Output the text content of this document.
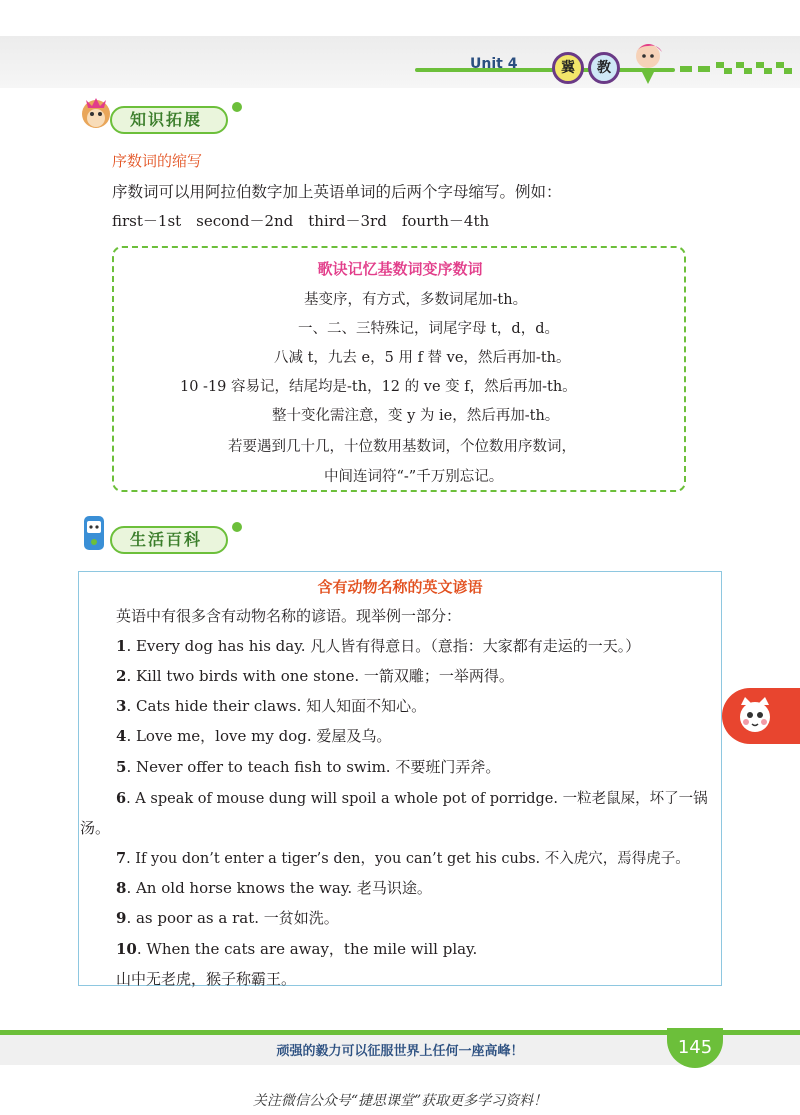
Unit 4	冀	教
知识拓展
序数词的缩写
序数词可以用阿拉伯数字加上英语单词的后两个字母缩写。例如：
first－1st　second－2nd　third－3rd　fourth－4th
歌诀记忆基数词变序数词
基变序，有方式，多数词尾加-th。
一、二、三特殊记，词尾字母 t，d，d。
八减 t，九去 e，5 用 f 替 ve，然后再加-th。
10 -19 容易记，结尾均是-th，12 的 ve 变 f，然后再加-th。
整十变化需注意，变 y 为 ie，然后再加-th。
若要遇到几十几，十位数用基数词，个位数用序数词，
中间连词符“-”千万别忘记。
生活百科
含有动物名称的英文谚语
英语中有很多含有动物名称的谚语。现举例一部分：
1. Every dog has his day. 凡人皆有得意日。（意指：大家都有走运的一天。）
2. Kill two birds with one stone. 一箭双雕；一举两得。
3. Cats hide their claws. 知人知面不知心。
4. Love me，love my dog. 爱屋及乌。
5. Never offer to teach fish to swim. 不要班门弄斧。
6. A speak of mouse dung will spoil a whole pot of porridge. 一粒老鼠屎，坏了一锅
汤。
7. If you don’t enter a tiger’s den，you can’t get his cubs. 不入虎穴，焉得虎子。
8. An old horse knows the way. 老马识途。
9. as poor as a rat. 一贫如洗。
10. When the cats are away，the mile will play.
山中无老虎，猴子称霸王。
顽强的毅力可以征服世界上任何一座高峰！	145
关注微信公众号“捷思课堂”获取更多学习资料！
